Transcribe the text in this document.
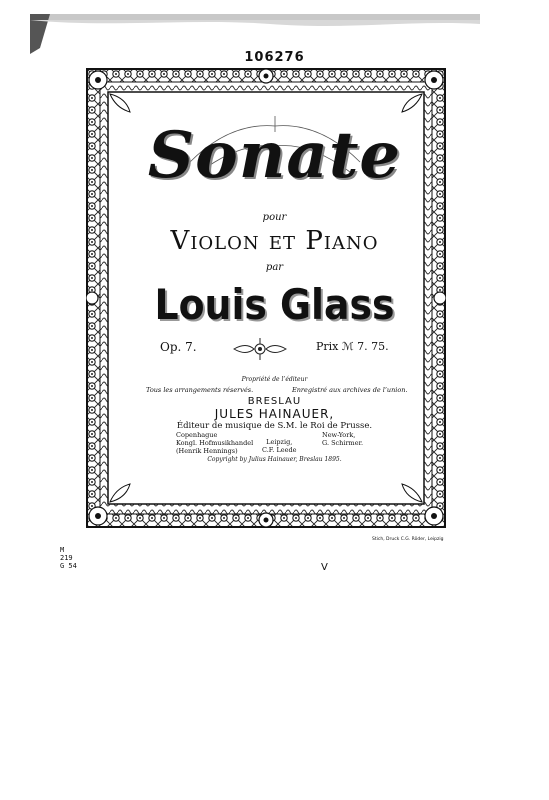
106276
Sonate
pour
VIOLON ET PIANO
par
Louis Glass
Op. 7.	Prix ℳ 7. 75.
Propriété de l’éditeur
Tous les arrangements réservés.	Enregistré aux archives de l’union.
BRESLAU
JULES HAINAUER,
Éditeur de musique de S.M. le Roi de Prusse.
Copenhague
Kongl. Hofmusikhandel
(Henrik Hennings)
Leipzig,
C.F. Leede
New-York,
G. Schirmer.
Copyright by Julius Hainauer, Breslau 1895.
Stich, Druck C.G. Röder, Leipzig
M
219
G 54	V
